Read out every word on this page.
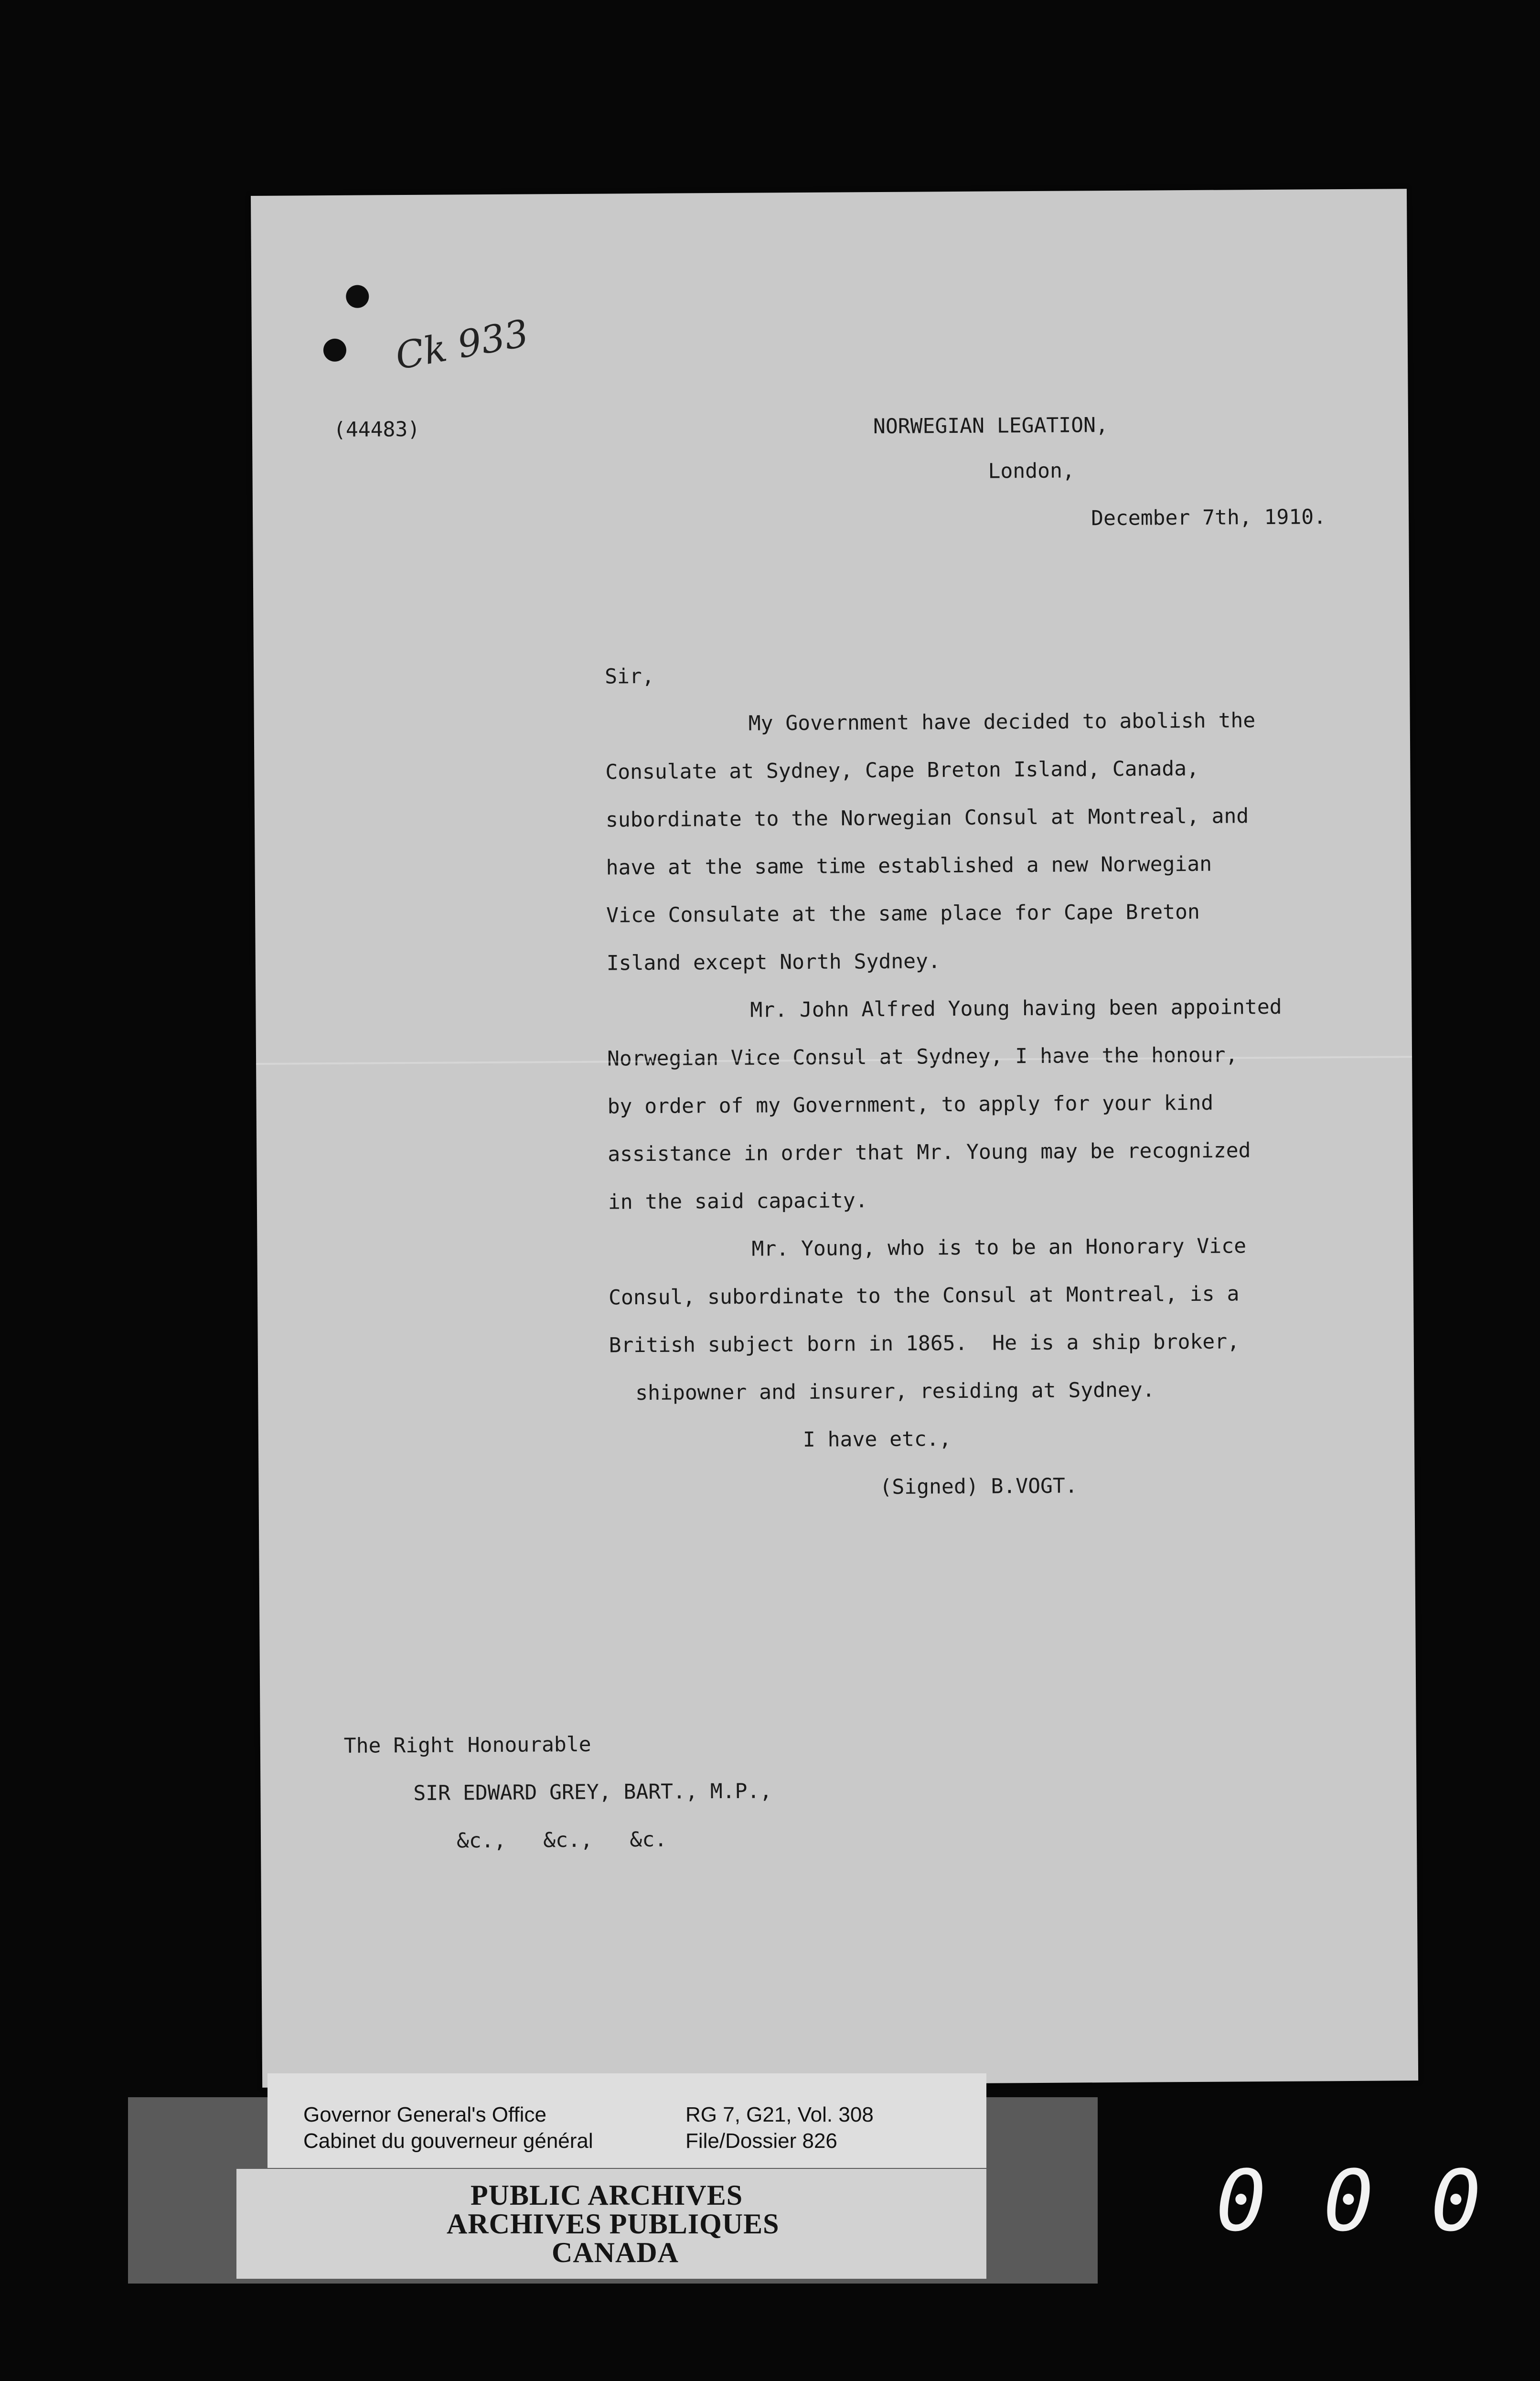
Ck 933
(44483)	NORWEGIAN LEGATION,
London,
December 7th, 1910.
Sir,
My Government have decided to abolish the
Consulate at Sydney, Cape Breton Island, Canada,
subordinate to the Norwegian Consul at Montreal, and
have at the same time established a new Norwegian
Vice Consulate at the same place for Cape Breton
Island except North Sydney.
Mr. John Alfred Young having been appointed
Norwegian Vice Consul at Sydney, I have the honour,
by order of my Government, to apply for your kind
assistance in order that Mr. Young may be recognized
in the said capacity.
Mr. Young, who is to be an Honorary Vice
Consul, subordinate to the Consul at Montreal, is a
British subject born in 1865.  He is a ship broker,
shipowner and insurer, residing at Sydney.
I have etc.,
(Signed) B.VOGT.
The Right Honourable
SIR EDWARD GREY, BART., M.P.,
&c.,   &c.,   &c.
Governor General's Office
Cabinet du gouverneur général
RG 7, G21, Vol. 308
File/Dossier 826
PUBLIC ARCHIVES
ARCHIVES PUBLIQUES
CANADA
0 0 0
